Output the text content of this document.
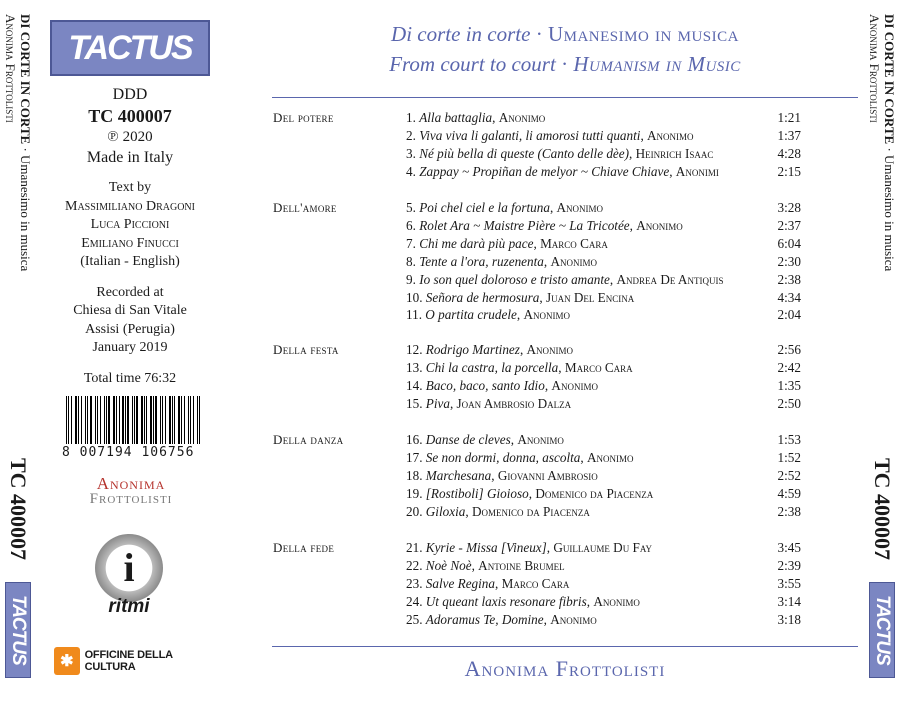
DI CORTE IN CORTE · Umanesimo in musica
Anonima Frottolisti
TC 400007
TACTUS
DI CORTE IN CORTE · Umanesimo in musica
Anonima Frottolisti
TC 400007
TACTUS
TACTUS
DDD
TC 400007
℗ 2020
Made in Italy
Text by
Massimiliano Dragoni
Luca Piccioni
Emiliano Finucci
(Italian - English)
Recorded at
Chiesa di San Vitale
Assisi (Perugia)
January 2019
Total time 76:32
8 007194 106756
Anonima
Frottolisti
i
ritmi
✱	OFFICINE DELLA CULTURA
Di corte in corte · Umanesimo in musica
From court to court · Humanism in Music
Del potere	1. Alla battaglia, Anonimo	1:21
2. Viva viva li galanti, li amorosi tutti quanti, Anonimo	1:37
3. Né più bella di queste (Canto delle dèe), Heinrich Isaac	4:28
4. Zappay ~ Propiñan de melyor ~ Chiave Chiave, Anonimi	2:15
Dell'amore	5. Poi chel ciel e la fortuna, Anonimo	3:28
6. Rolet Ara ~ Maistre Pière ~ La Tricotée, Anonimo	2:37
7. Chi me darà più pace, Marco Cara	6:04
8. Tente a l'ora, ruzenenta, Anonimo	2:30
9. Io son quel doloroso e tristo amante, Andrea De Antiquis	2:38
10. Señora de hermosura, Juan Del Encina	4:34
11. O partita crudele, Anonimo	2:04
Della festa	12. Rodrigo Martinez, Anonimo	2:56
13. Chi la castra, la porcella, Marco Cara	2:42
14. Baco, baco, santo Idio, Anonimo	1:35
15. Piva, Joan Ambrosio Dalza	2:50
Della danza	16. Danse de cleves, Anonimo	1:53
17. Se non dormi, donna, ascolta, Anonimo	1:52
18. Marchesana, Giovanni Ambrosio	2:52
19. [Rostiboli] Gioioso, Domenico da Piacenza	4:59
20. Giloxia, Domenico da Piacenza	2:38
Della fede	21. Kyrie - Missa [Vineux], Guillaume Du Fay	3:45
22. Noè Noè, Antoine Brumel	2:39
23. Salve Regina, Marco Cara	3:55
24. Ut queant laxis resonare fibris, Anonimo	3:14
25. Adoramus Te, Domine, Anonimo	3:18
Anonima Frottolisti
